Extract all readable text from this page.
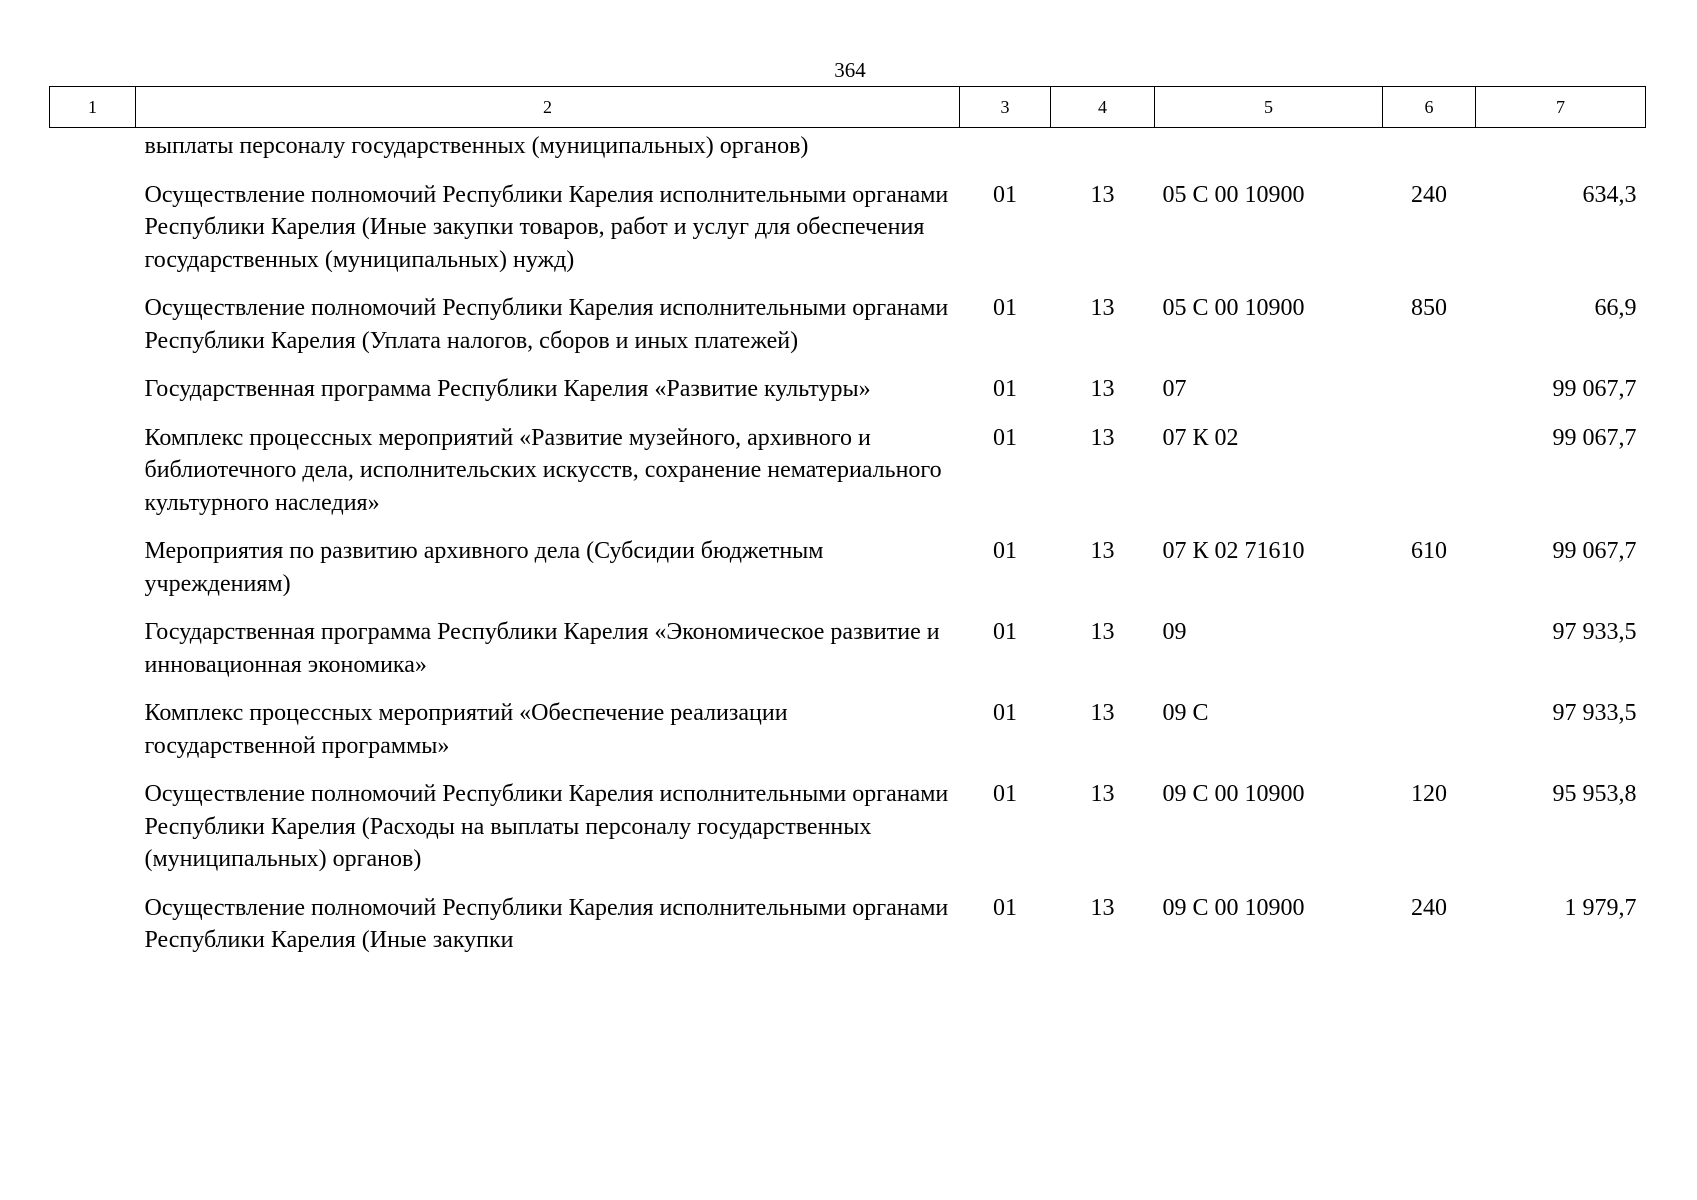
364
1	2	3	4	5	6	7
	выплаты персоналу государственных (муниципальных) органов)					
	Осуществление полномочий Республики Карелия исполнительными органами Республики Карелия (Иные закупки товаров, работ и услуг для обеспечения государственных (муниципальных) нужд)	01	13	05 С 00 10900	240	634,3
	Осуществление полномочий Республики Карелия исполнительными органами Республики Карелия (Уплата налогов, сборов и иных платежей)	01	13	05 С 00 10900	850	66,9
	Государственная программа Республики Карелия «Развитие культуры»	01	13	07		99 067,7
	Комплекс процессных мероприятий «Развитие музейного, архивного и библиотечного дела, исполнительских искусств, сохранение нематериального культурного наследия»	01	13	07 К 02		99 067,7
	Мероприятия по развитию архивного дела (Субсидии бюджетным учреждениям)	01	13	07 К 02 71610	610	99 067,7
	Государственная программа Республики Карелия «Экономическое развитие и инновационная экономика»	01	13	09		97 933,5
	Комплекс процессных мероприятий «Обеспечение реализации государственной программы»	01	13	09 С		97 933,5
	Осуществление полномочий Республики Карелия исполнительными органами Республики Карелия (Расходы на выплаты персоналу государственных (муниципальных) органов)	01	13	09 С 00 10900	120	95 953,8
	Осуществление полномочий Республики Карелия исполнительными органами Республики Карелия (Иные закупки	01	13	09 С 00 10900	240	1 979,7
